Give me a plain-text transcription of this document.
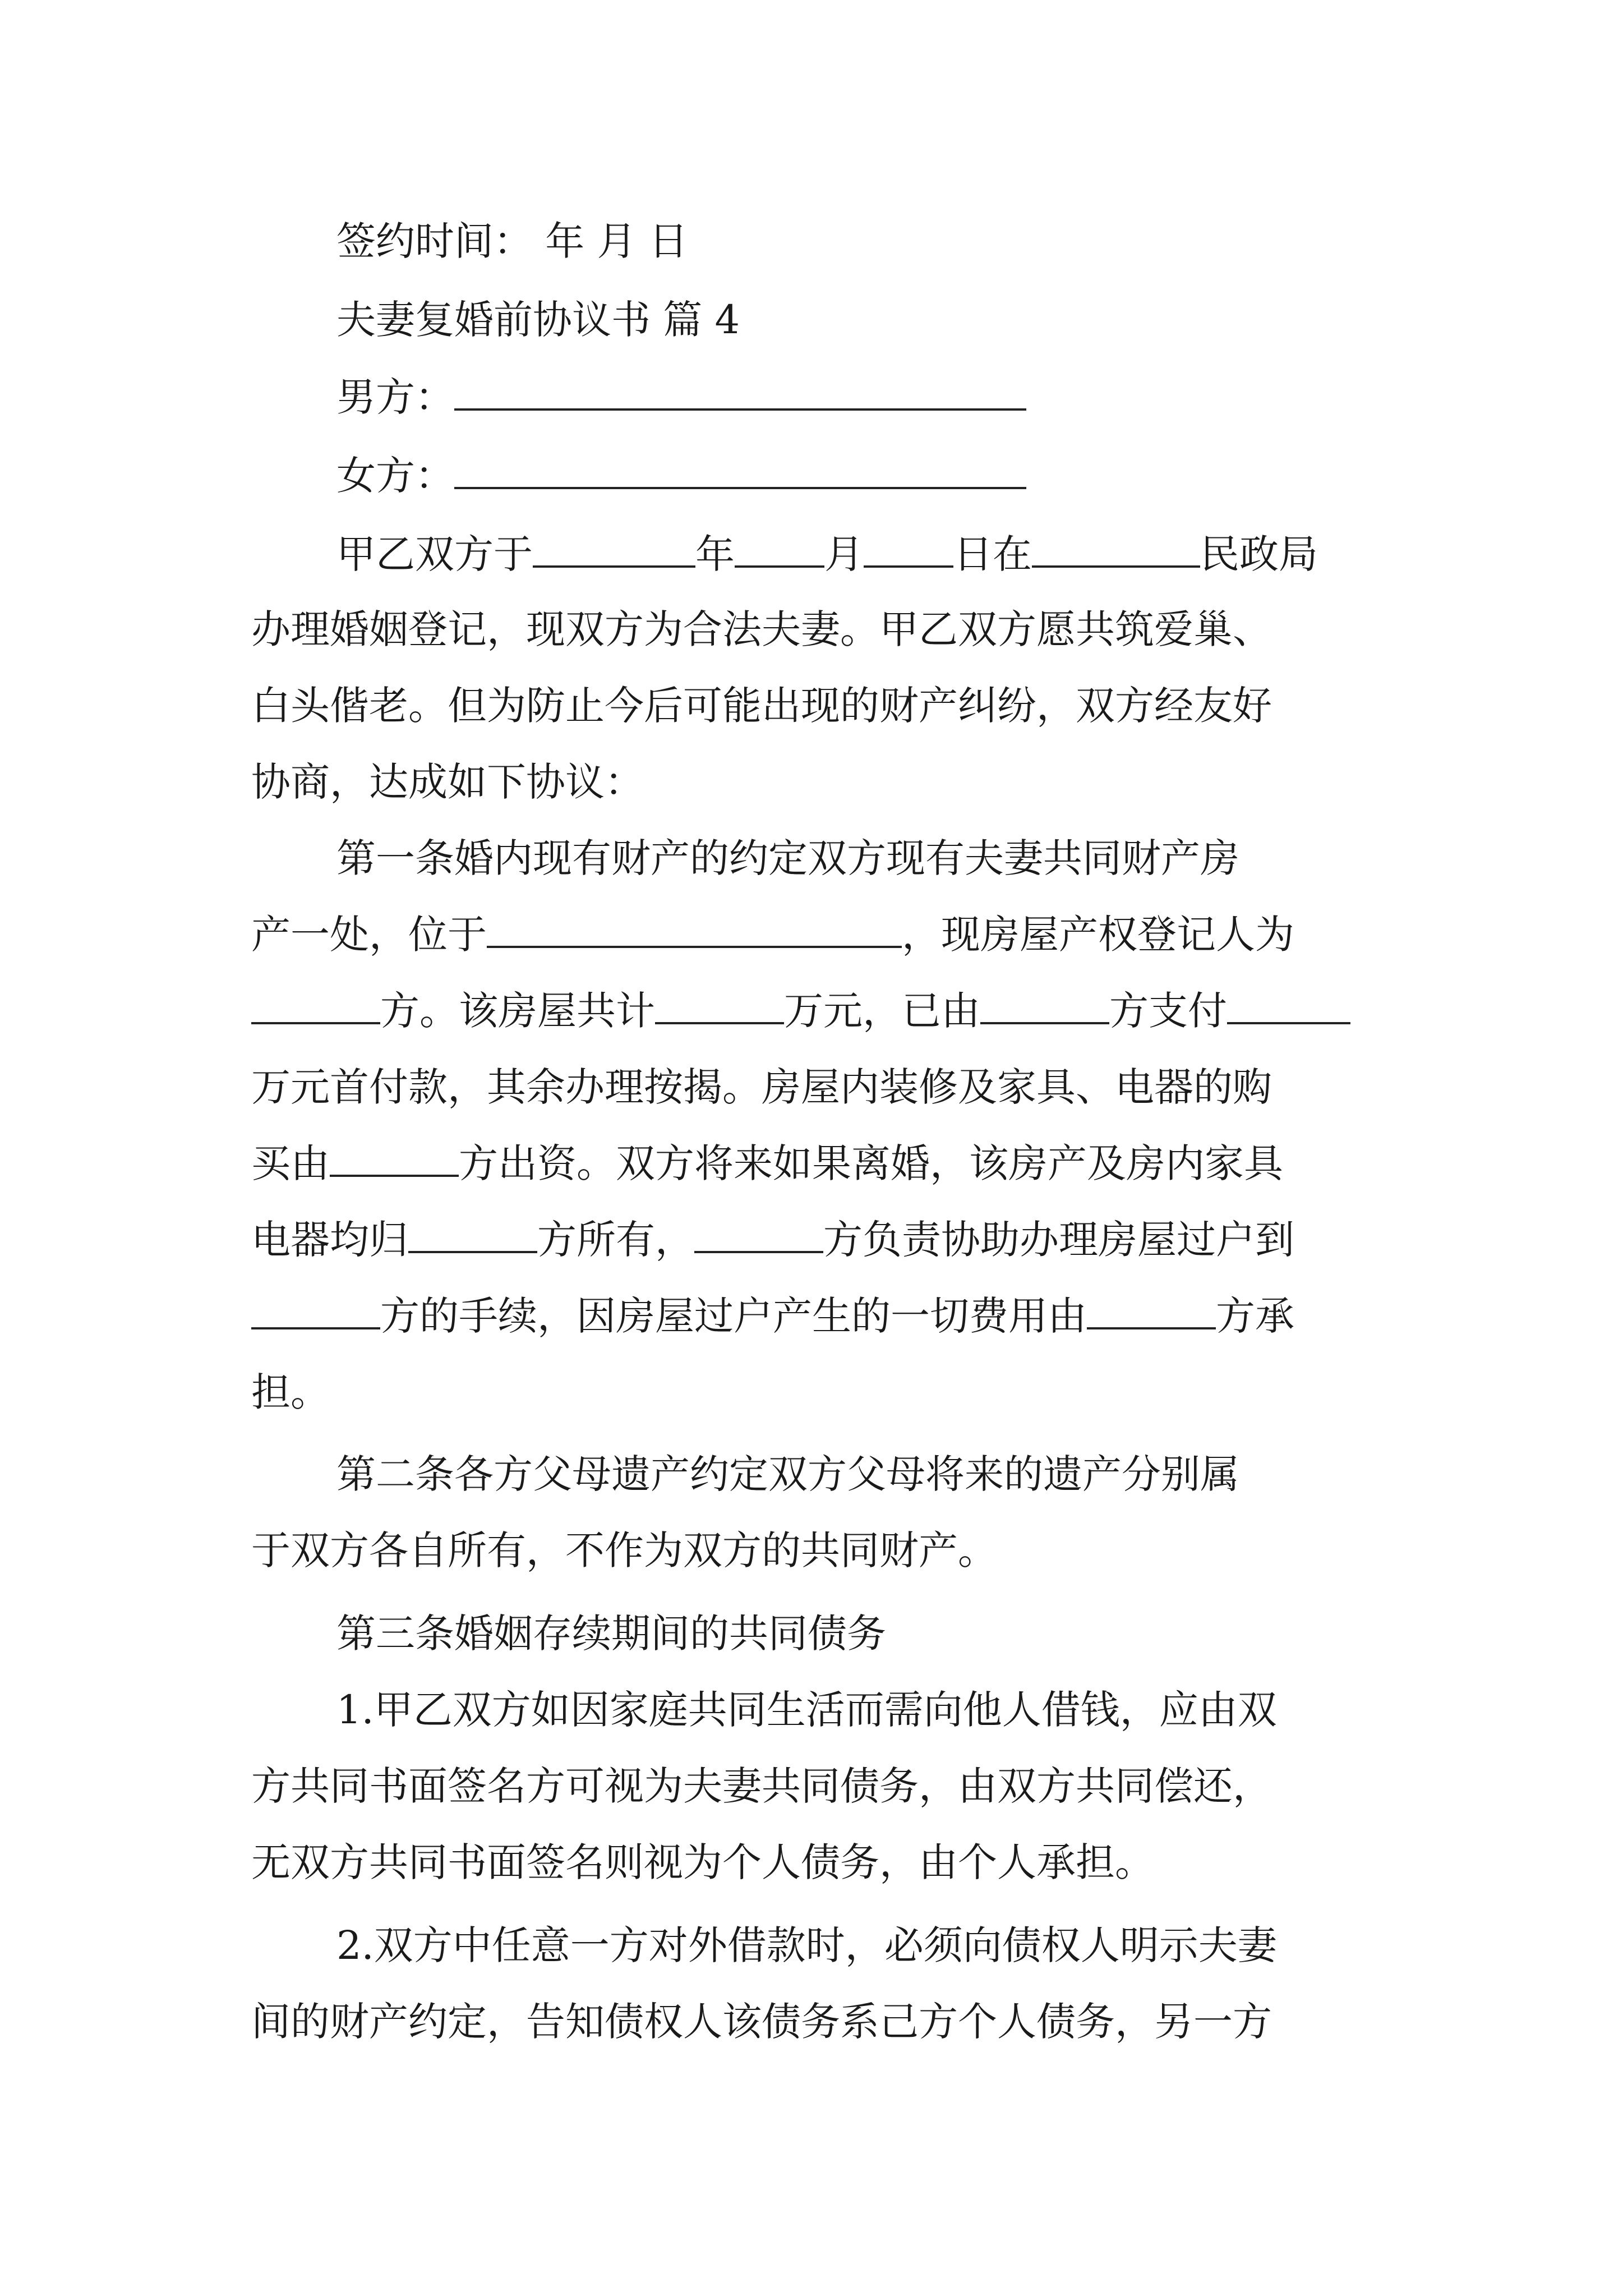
签约时间： 年 月 日
夫妻复婚前协议书 篇 4
男方：
女方：
甲乙双方于	年 月 日在	民政局
办理婚姻登记，现双方为合法夫妻。甲乙双方愿共筑爱巢、
白头偕老。但为防止今后可能出现的财产纠纷，双方经友好
协商，达成如下协议：
第一条婚内现有财产的约定双方现有夫妻共同财产房
产一处，位于	，现房屋产权登记人为
方。该房屋共计	万元，已由	方支付
万元首付款，其余办理按揭。房屋内装修及家具、电器的购
买由	方出资。双方将来如果离婚，该房产及房内家具
电器均归	方所有，	方负责协助办理房屋过户到
方的手续，因房屋过户产生的一切费用由	方承
担。
第二条各方父母遗产约定双方父母将来的遗产分别属
于双方各自所有，不作为双方的共同财产。
第三条婚姻存续期间的共同债务
1.甲乙双方如因家庭共同生活而需向他人借钱，应由双
方共同书面签名方可视为夫妻共同债务，由双方共同偿还，
无双方共同书面签名则视为个人债务，由个人承担。
2.双方中任意一方对外借款时，必须向债权人明示夫妻
间的财产约定，告知债权人该债务系己方个人债务，另一方
